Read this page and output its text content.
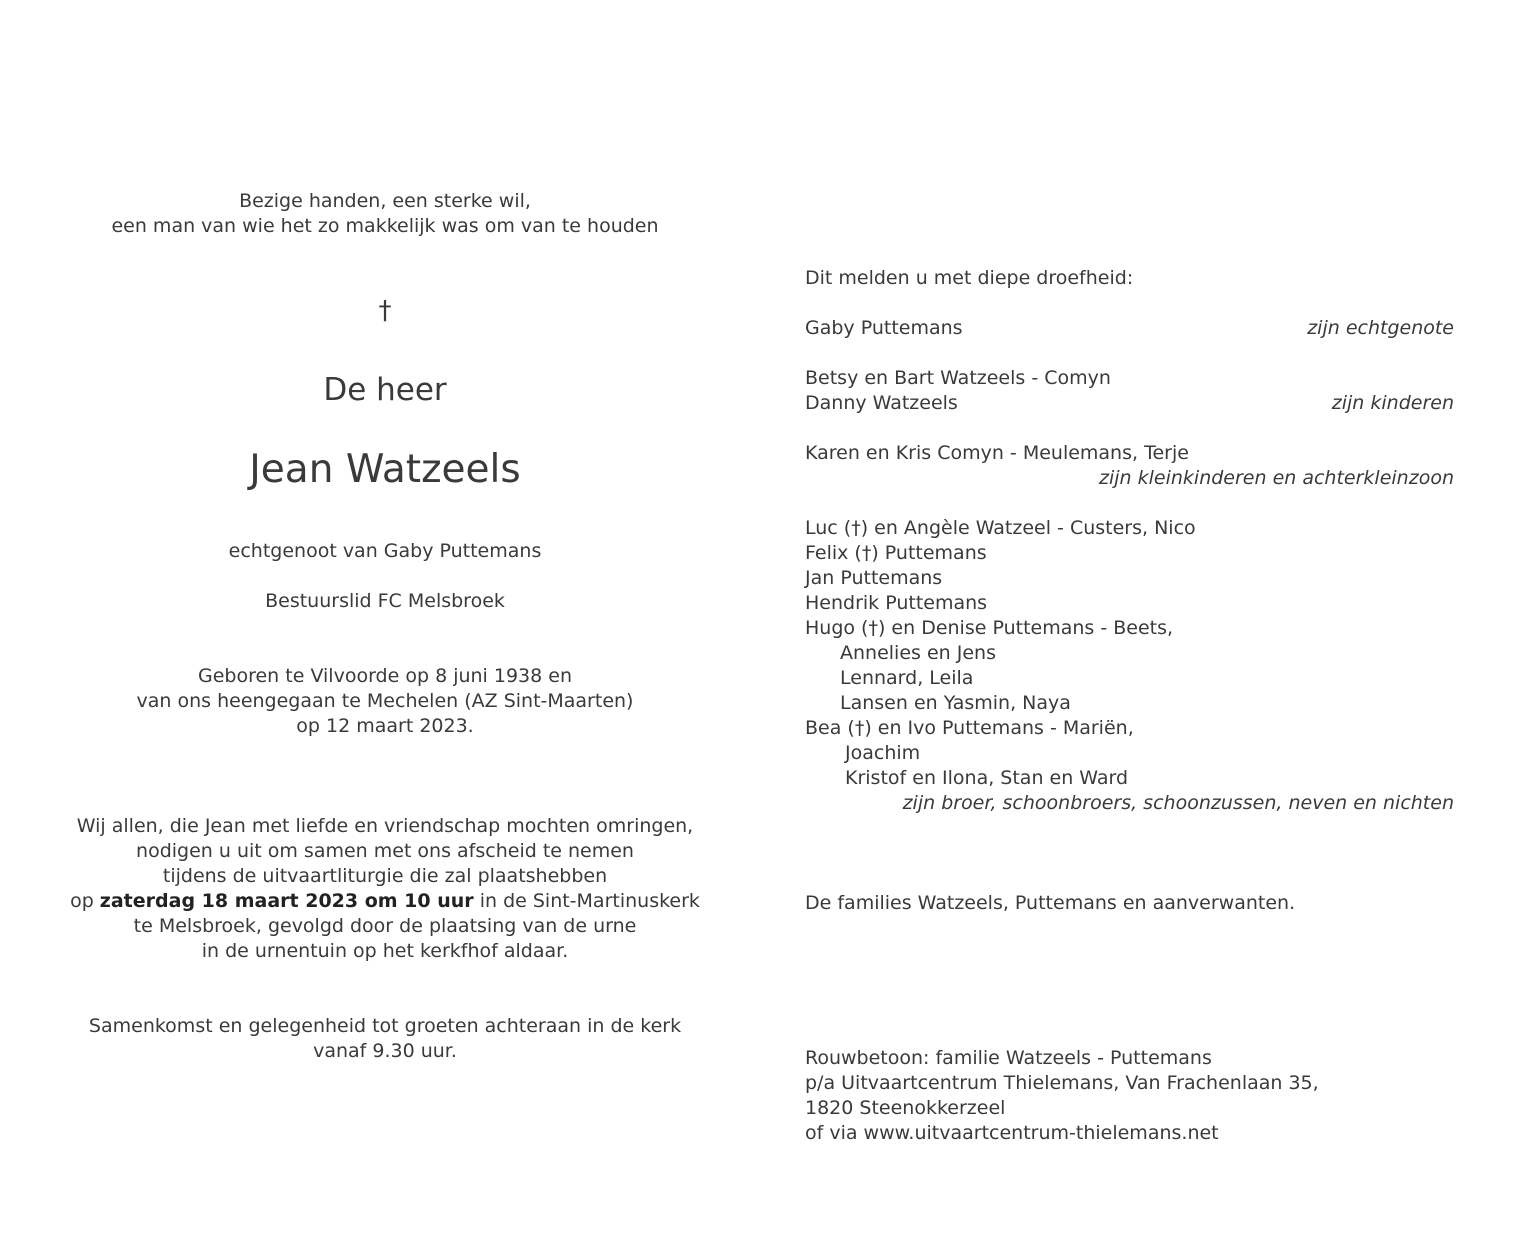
Bezige handen, een sterke wil,
een man van wie het zo makkelijk was om van te houden
†
De heer
Jean Watzeels
echtgenoot van Gaby Puttemans
Bestuurslid FC Melsbroek
Geboren te Vilvoorde op 8 juni 1938 en
van ons heengegaan te Mechelen (AZ Sint-Maarten)
op 12 maart 2023.
Wij allen, die Jean met liefde en vriendschap mochten omringen,
nodigen u uit om samen met ons afscheid te nemen
tijdens de uitvaartliturgie die zal plaatshebben
op zaterdag 18 maart 2023 om 10 uur in de Sint-Martinuskerk
te Melsbroek, gevolgd door de plaatsing van de urne
in de urnentuin op het kerkfhof aldaar.
Samenkomst en gelegenheid tot groeten achteraan in de kerk
vanaf 9.30 uur.
Dit melden u met diepe droefheid:
Gaby Puttemans	zijn echtgenote
Betsy en Bart Watzeels - Comyn
Danny Watzeels	zijn kinderen
Karen en Kris Comyn - Meulemans, Terje
zijn kleinkinderen en achterkleinzoon
Luc (†) en Angèle Watzeel - Custers, Nico
Felix (†) Puttemans
Jan Puttemans
Hendrik Puttemans
Hugo (†) en Denise Puttemans - Beets,
Annelies en Jens
Lennard, Leila
Lansen en Yasmin, Naya
Bea (†) en Ivo Puttemans - Mariën,
Joachim
Kristof en Ilona, Stan en Ward
zijn broer, schoonbroers, schoonzussen, neven en nichten
De families Watzeels, Puttemans en aanverwanten.
Rouwbetoon: familie Watzeels - Puttemans
p/a Uitvaartcentrum Thielemans, Van Frachenlaan 35,
1820 Steenokkerzeel
of via www.uitvaartcentrum-thielemans.net
